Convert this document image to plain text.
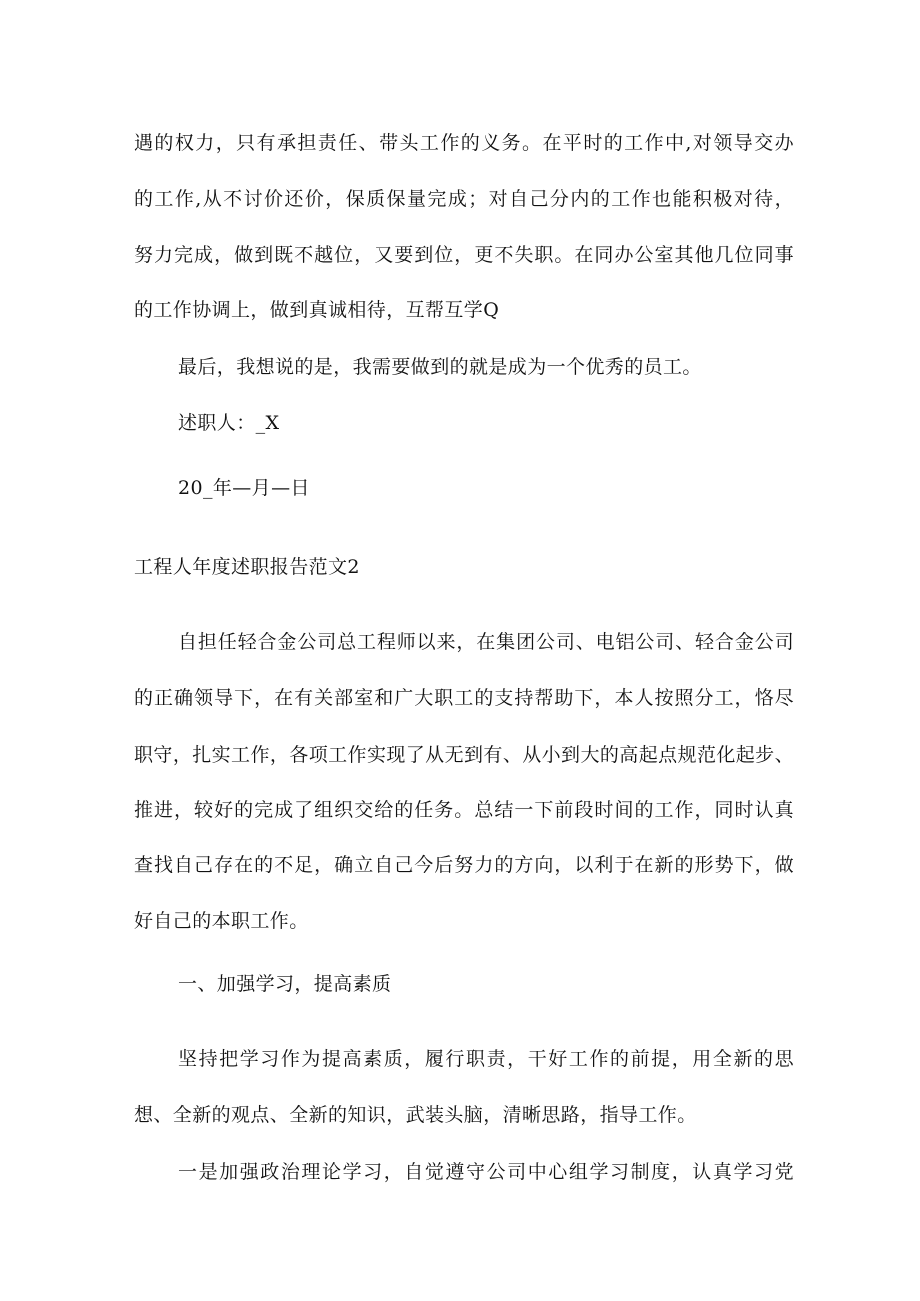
遇的权力，只有承担责任、带头工作的义务。在平时的工作中,对领导交办
的工作,从不讨价还价，保质保量完成；对自己分内的工作也能积极对待，
努力完成，做到既不越位，又要到位，更不失职。在同办公室其他几位同事
的工作协调上，做到真诚相待，互帮互学Q
最后，我想说的是，我需要做到的就是成为一个优秀的员工。
述职人：_X
20_年—月—日
工程人年度述职报告范文2
自担任轻合金公司总工程师以来，在集团公司、电铝公司、轻合金公司
的正确领导下，在有关部室和广大职工的支持帮助下，本人按照分工，恪尽
职守，扎实工作，各项工作实现了从无到有、从小到大的高起点规范化起步、
推进，较好的完成了组织交给的任务。总结一下前段时间的工作，同时认真
查找自己存在的不足，确立自己今后努力的方向，以利于在新的形势下，做
好自己的本职工作。
一、加强学习，提高素质
坚持把学习作为提高素质，履行职责，干好工作的前提，用全新的思
想、全新的观点、全新的知识，武装头脑，清晰思路，指导工作。
一是加强政治理论学习，自觉遵守公司中心组学习制度，认真学习党
